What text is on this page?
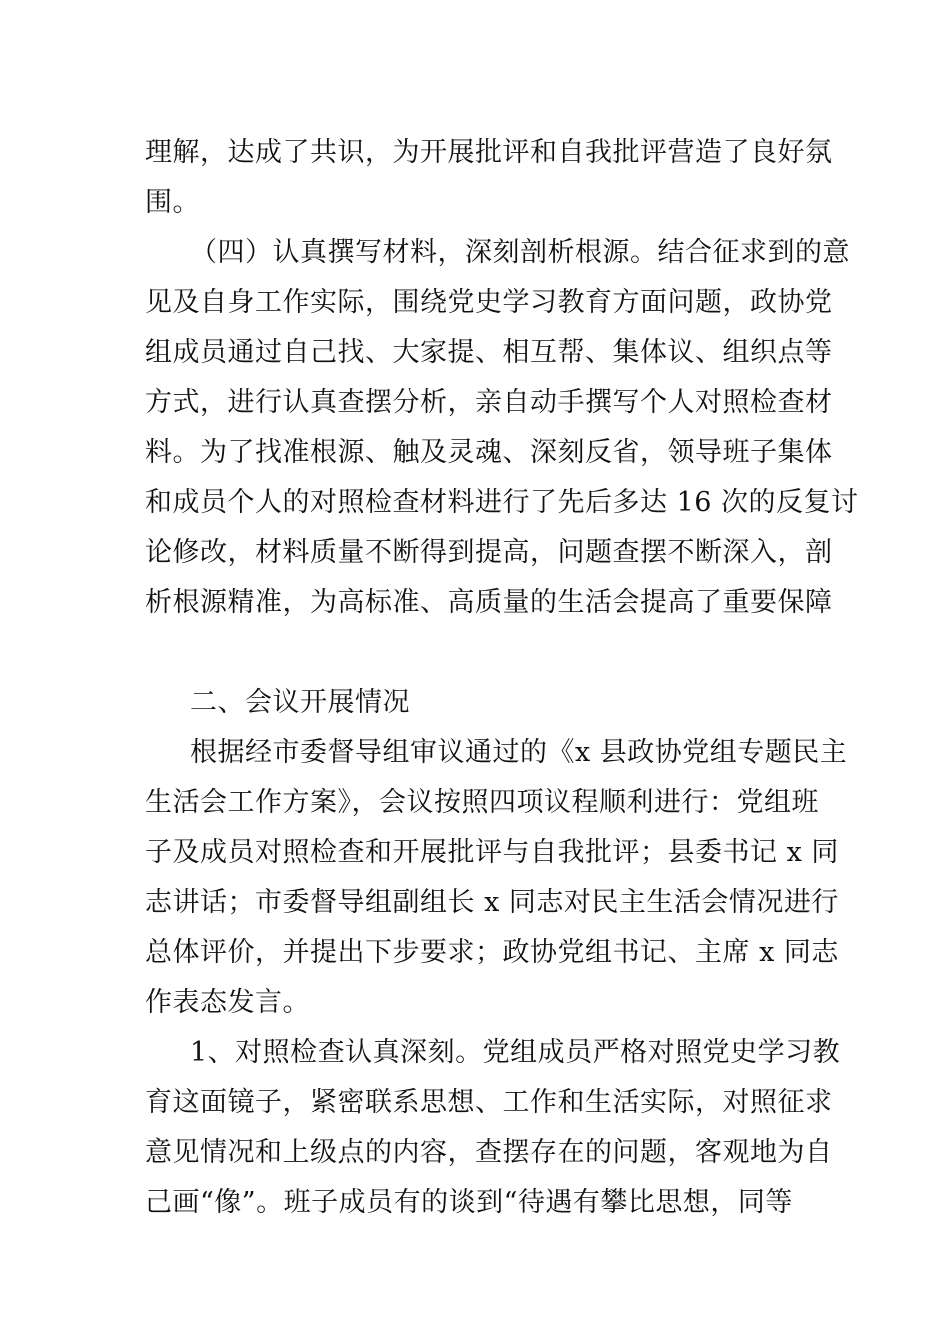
理解，达成了共识，为开展批评和自我批评营造了良好氛
围。
（四）认真撰写材料，深刻剖析根源。结合征求到的意
见及自身工作实际，围绕党史学习教育方面问题，政协党
组成员通过自己找、大家提、相互帮、集体议、组织点等
方式，进行认真查摆分析，亲自动手撰写个人对照检查材
料。为了找准根源、触及灵魂、深刻反省，领导班子集体
和成员个人的对照检查材料进行了先后多达 16 次的反复讨
论修改，材料质量不断得到提高，问题查摆不断深入，剖
析根源精准，为高标准、高质量的生活会提高了重要保障
二、会议开展情况
根据经市委督导组审议通过的《x 县政协党组专题民主
生活会工作方案》，会议按照四项议程顺利进行：党组班
子及成员对照检查和开展批评与自我批评；县委书记 x 同
志讲话；市委督导组副组长 x 同志对民主生活会情况进行
总体评价，并提出下步要求；政协党组书记、主席 x 同志
作表态发言。
1、对照检查认真深刻。党组成员严格对照党史学习教
育这面镜子，紧密联系思想、工作和生活实际，对照征求
意见情况和上级点的内容，查摆存在的问题，客观地为自
己画“像”。班子成员有的谈到“待遇有攀比思想，同等
